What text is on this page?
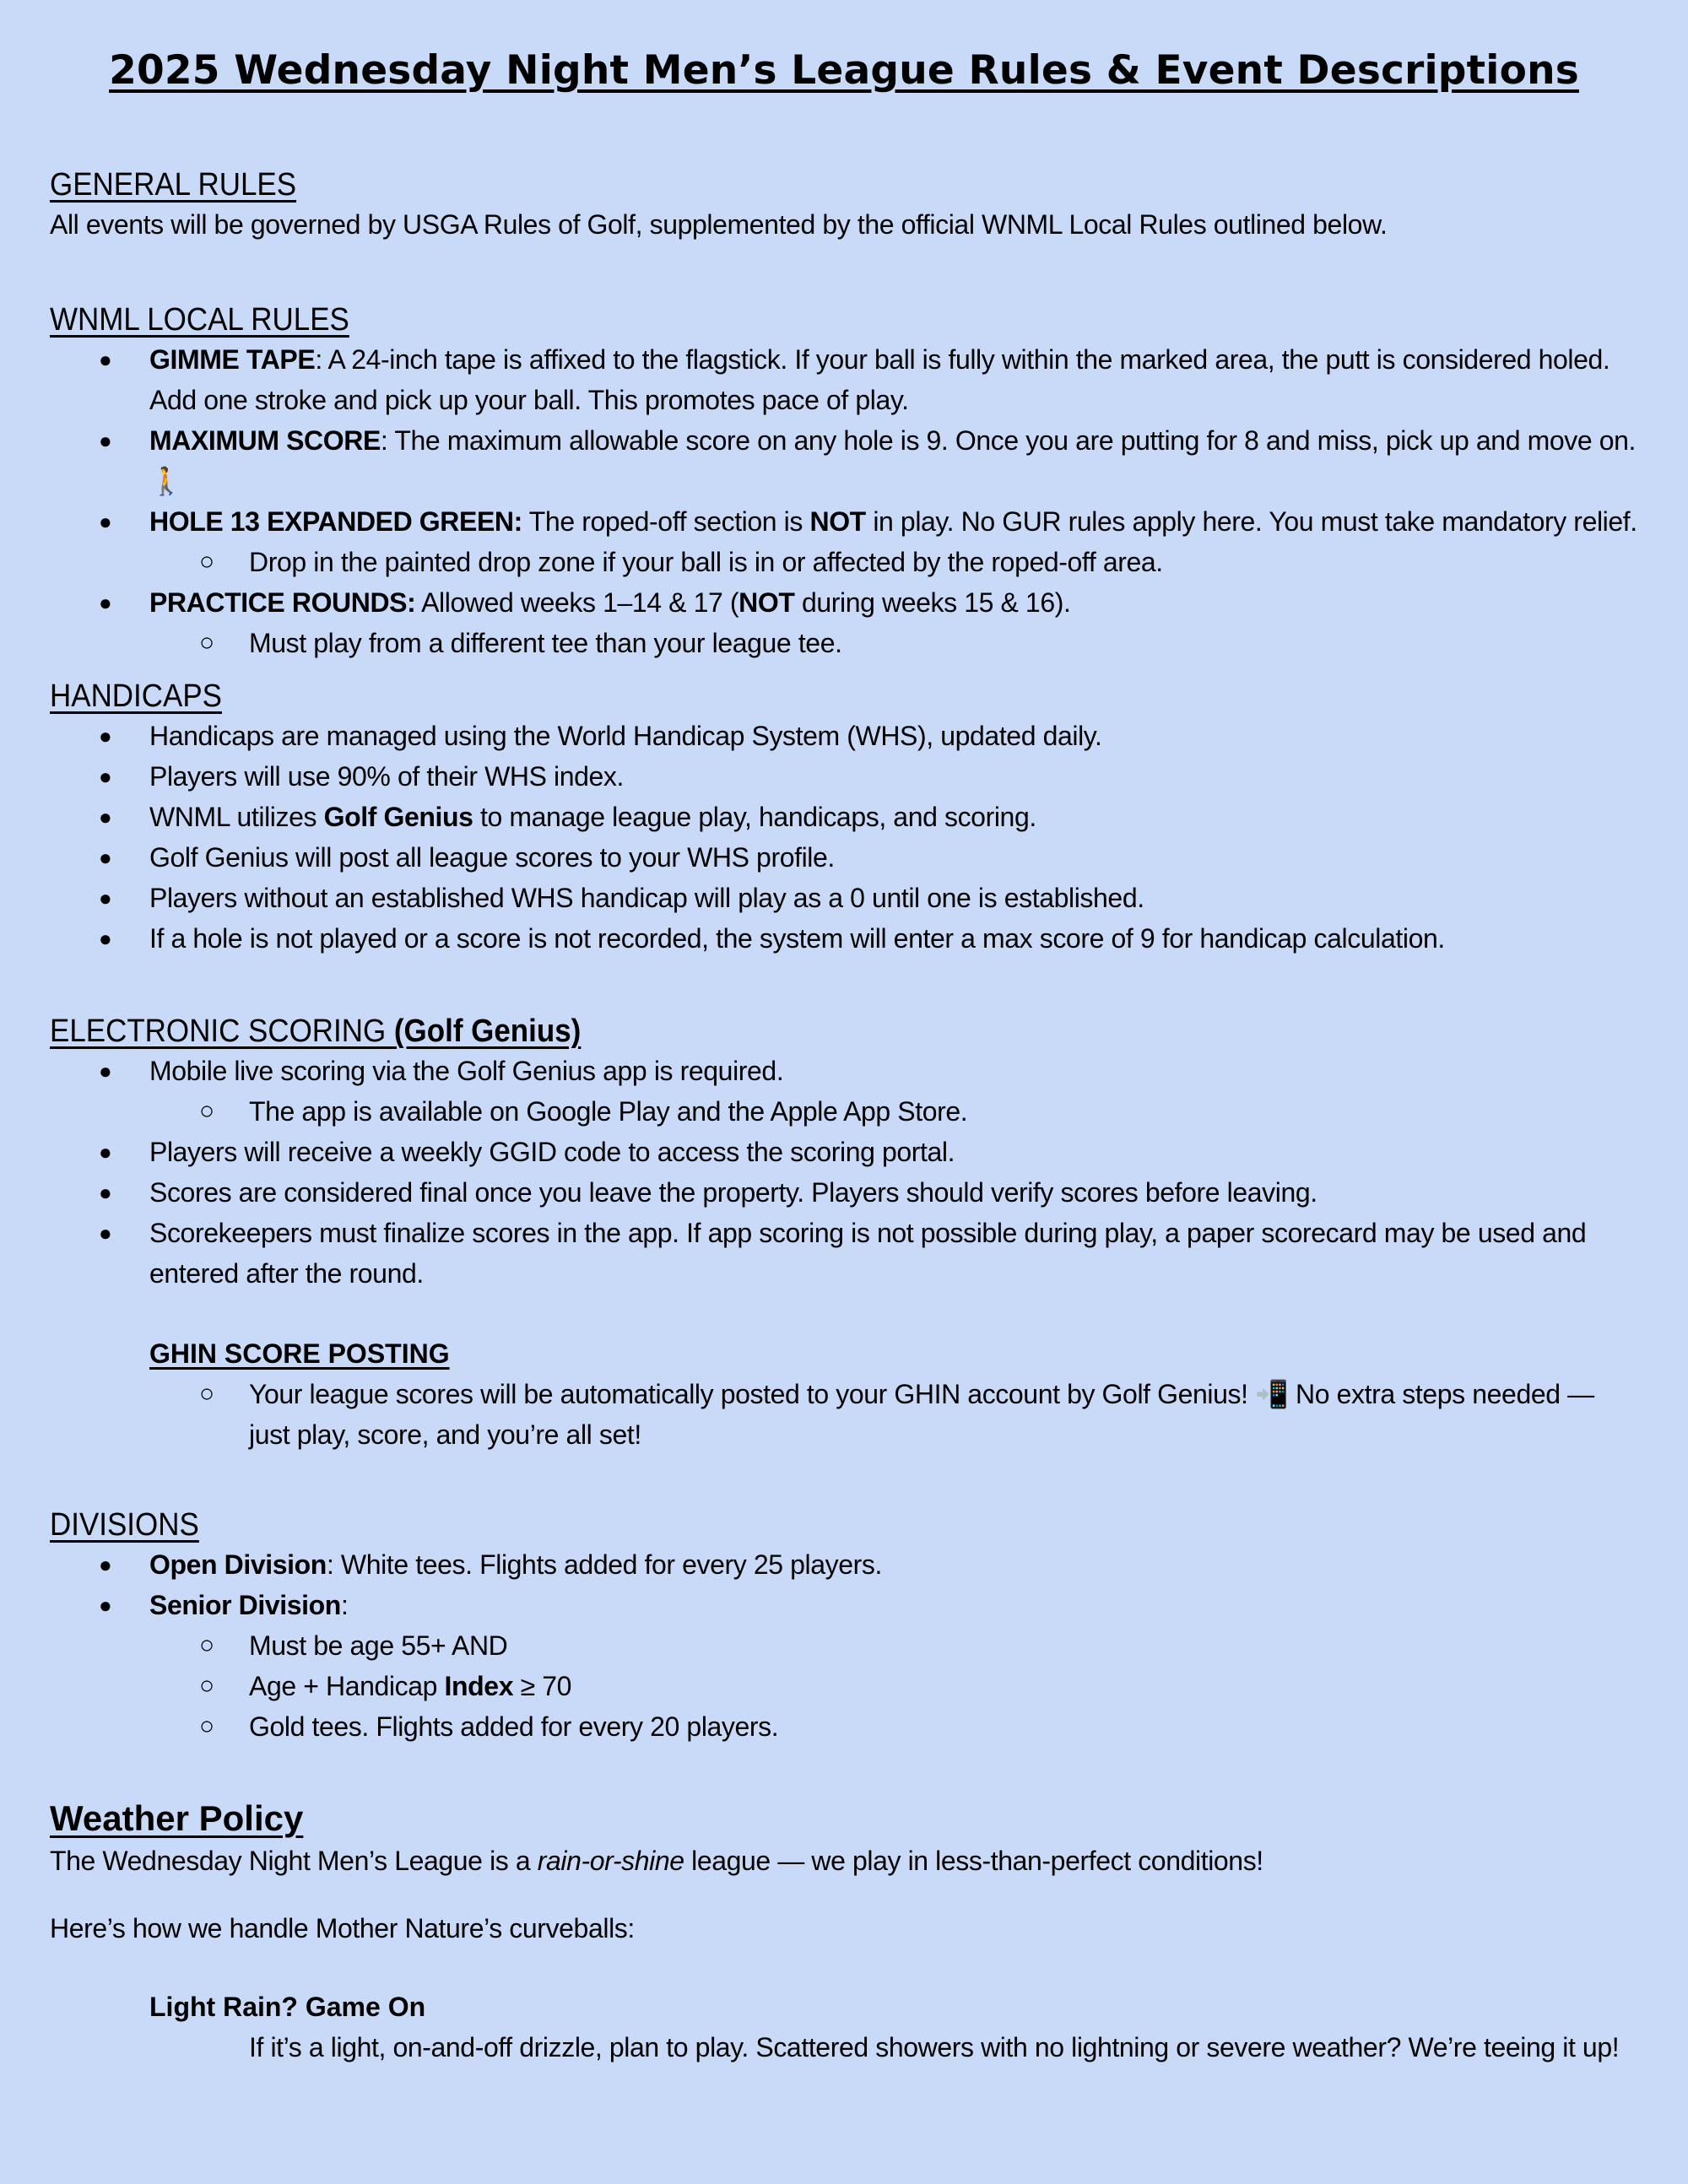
2025 Wednesday Night Men’s League Rules & Event Descriptions

GENERAL RULES

All events will be governed by USGA Rules of Golf, supplemented by the official WNML Local Rules outlined below.

WNML LOCAL RULES

● GIMME TAPE: A 24-inch tape is affixed to the flagstick. If your ball is fully within the marked area, the putt is considered holed. Add one stroke and pick up your ball. This promotes pace of play.
● MAXIMUM SCORE: The maximum allowable score on any hole is 9. Once you are putting for 8 and miss, pick up and move on. 🚶
● HOLE 13 EXPANDED GREEN: The roped-off section is NOT in play. No GUR rules apply here. You must take mandatory relief.
○ Drop in the painted drop zone if your ball is in or affected by the roped-off area.
● PRACTICE ROUNDS: Allowed weeks 1–14 & 17 (NOT during weeks 15 & 16).
○ Must play from a different tee than your league tee.

HANDICAPS

● Handicaps are managed using the World Handicap System (WHS), updated daily.
● Players will use 90% of their WHS index.
● WNML utilizes Golf Genius to manage league play, handicaps, and scoring.
● Golf Genius will post all league scores to your WHS profile.
● Players without an established WHS handicap will play as a 0 until one is established.
● If a hole is not played or a score is not recorded, the system will enter a max score of 9 for handicap calculation.

ELECTRONIC SCORING (Golf Genius)

● Mobile live scoring via the Golf Genius app is required.
○ The app is available on Google Play and the Apple App Store.
● Players will receive a weekly GGID code to access the scoring portal.
● Scores are considered final once you leave the property. Players should verify scores before leaving.
● Scorekeepers must finalize scores in the app. If app scoring is not possible during play, a paper scorecard may be used and entered after the round.

GHIN SCORE POSTING

○ Your league scores will be automatically posted to your GHIN account by Golf Genius! 📲 No extra steps needed — just play, score, and you’re all set!

DIVISIONS

● Open Division: White tees. Flights added for every 25 players.
● Senior Division:
○ Must be age 55+ AND
○ Age + Handicap Index ≥ 70
○ Gold tees. Flights added for every 20 players.

Weather Policy

The Wednesday Night Men’s League is a rain-or-shine league — we play in less-than-perfect conditions!

Here’s how we handle Mother Nature’s curveballs:

Light Rain? Game On

If it’s a light, on-and-off drizzle, plan to play. Scattered showers with no lightning or severe weather? We’re teeing it up!
